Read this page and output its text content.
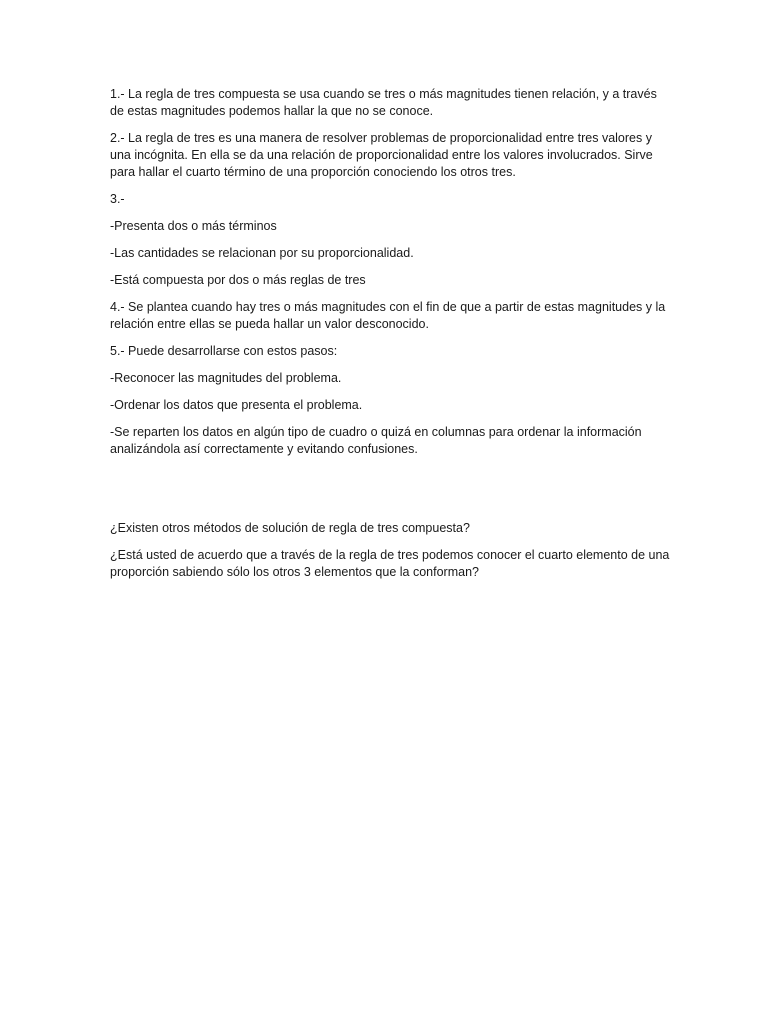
1.- La regla de tres compuesta se usa cuando se tres o más magnitudes tienen relación, y a través de estas magnitudes podemos hallar la que no se conoce.

2.- La regla de tres es una manera de resolver problemas de proporcionalidad entre tres valores y una incógnita. En ella se da una relación de proporcionalidad entre los valores involucrados. Sirve para hallar el cuarto término de una proporción conociendo los otros tres.

3.-

-Presenta dos o más términos

-Las cantidades se relacionan por su proporcionalidad.

-Está compuesta por dos o más reglas de tres

4.- Se plantea cuando hay tres o más magnitudes con el fin de que a partir de estas magnitudes y la relación entre ellas se pueda hallar un valor desconocido.

5.- Puede desarrollarse con estos pasos:

-Reconocer las magnitudes del problema.

-Ordenar los datos que presenta el problema.

-Se reparten los datos en algún tipo de cuadro o quizá en columnas para ordenar la información analizándola así correctamente y evitando confusiones.

¿Existen otros métodos de solución de regla de tres compuesta?

¿Está usted de acuerdo que a través de la regla de tres podemos conocer el cuarto elemento de una proporción sabiendo sólo los otros 3 elementos que la conforman?
